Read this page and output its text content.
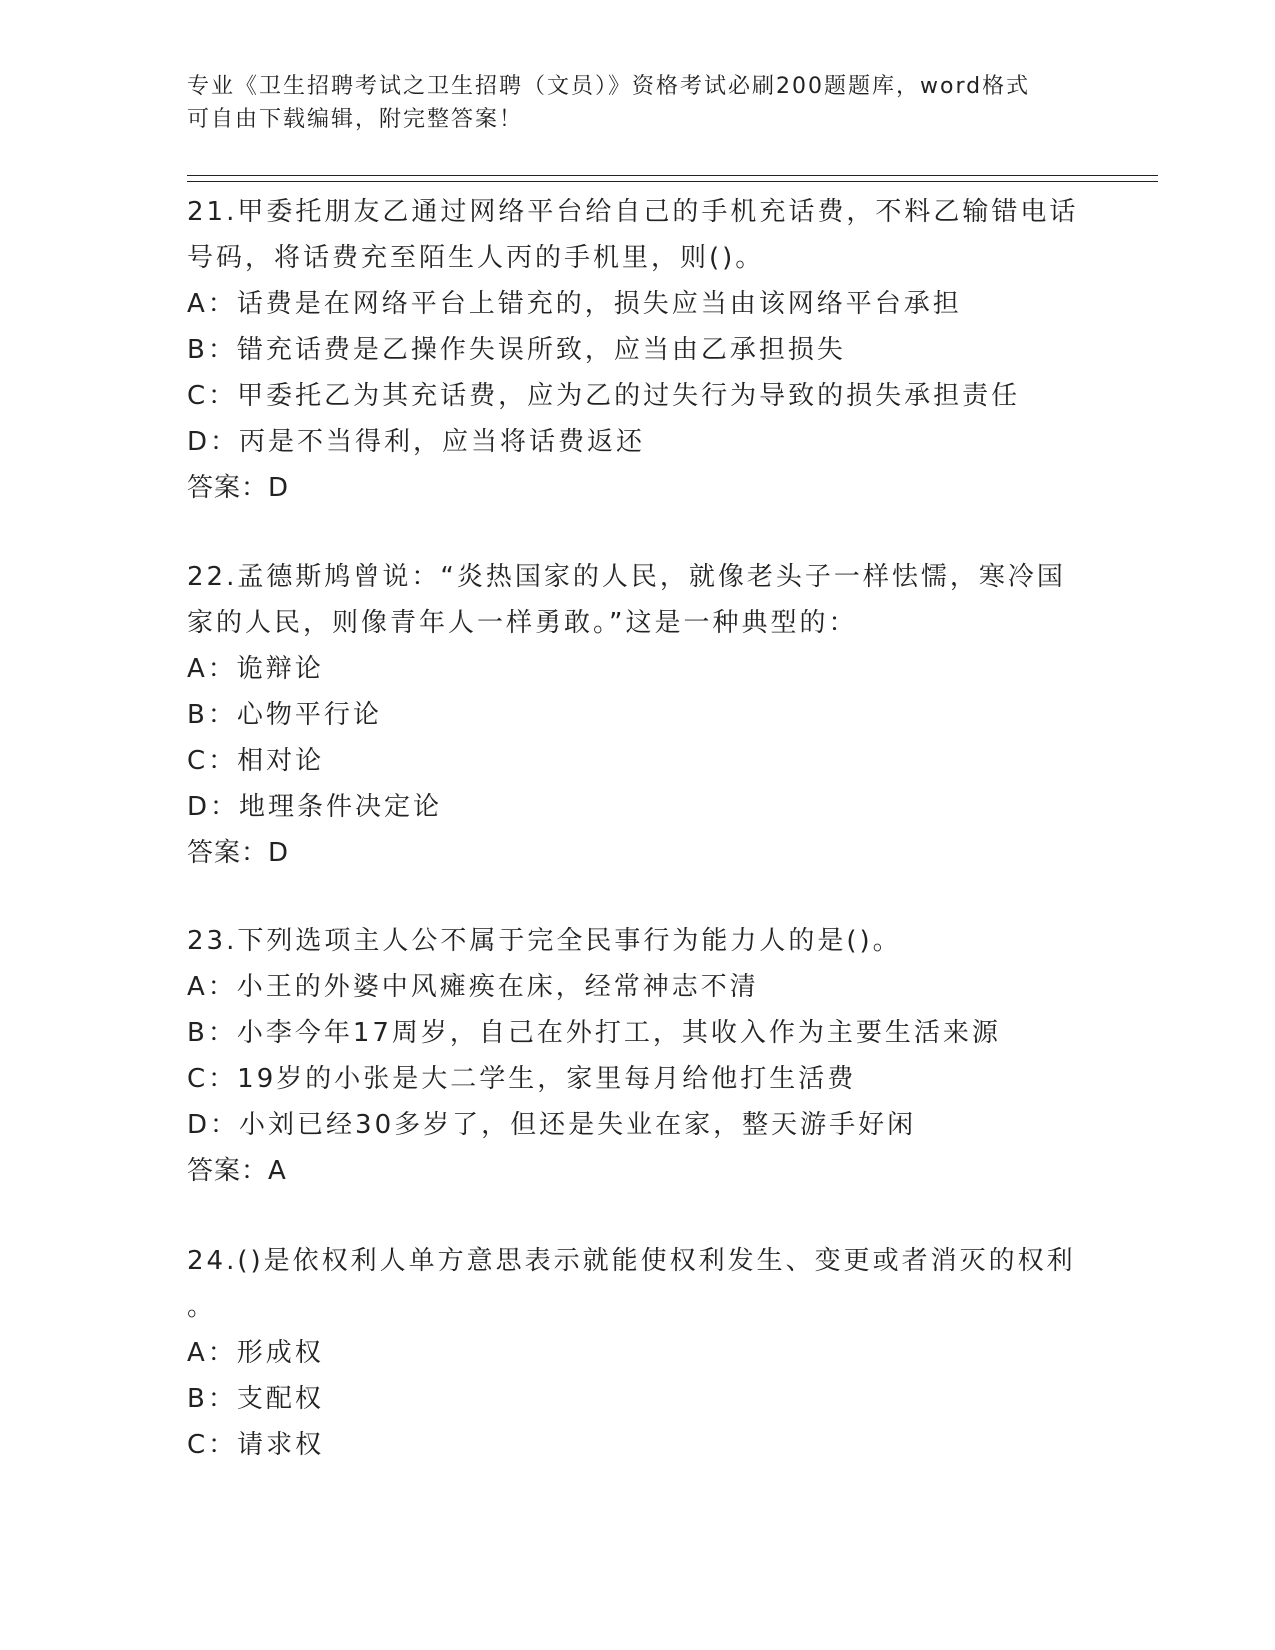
专业《卫生招聘考试之卫生招聘（文员）》资格考试必刷200题题库，word格式
可自由下载编辑，附完整答案！
21.甲委托朋友乙通过网络平台给自己的手机充话费，不料乙输错电话
号码，将话费充至陌生人丙的手机里，则()。
A：话费是在网络平台上错充的，损失应当由该网络平台承担
B：错充话费是乙操作失误所致，应当由乙承担损失
C：甲委托乙为其充话费，应为乙的过失行为导致的损失承担责任
D：丙是不当得利，应当将话费返还
答案：D
22.孟德斯鸠曾说：“炎热国家的人民，就像老头子一样怯懦，寒冷国
家的人民，则像青年人一样勇敢。”这是一种典型的：
A：诡辩论
B：心物平行论
C：相对论
D：地理条件决定论
答案：D
23.下列选项主人公不属于完全民事行为能力人的是()。
A：小王的外婆中风瘫痪在床，经常神志不清
B：小李今年17周岁，自己在外打工，其收入作为主要生活来源
C：19岁的小张是大二学生，家里每月给他打生活费
D：小刘已经30多岁了，但还是失业在家，整天游手好闲
答案：A
24.()是依权利人单方意思表示就能使权利发生、变更或者消灭的权利
。
A：形成权
B：支配权
C：请求权
